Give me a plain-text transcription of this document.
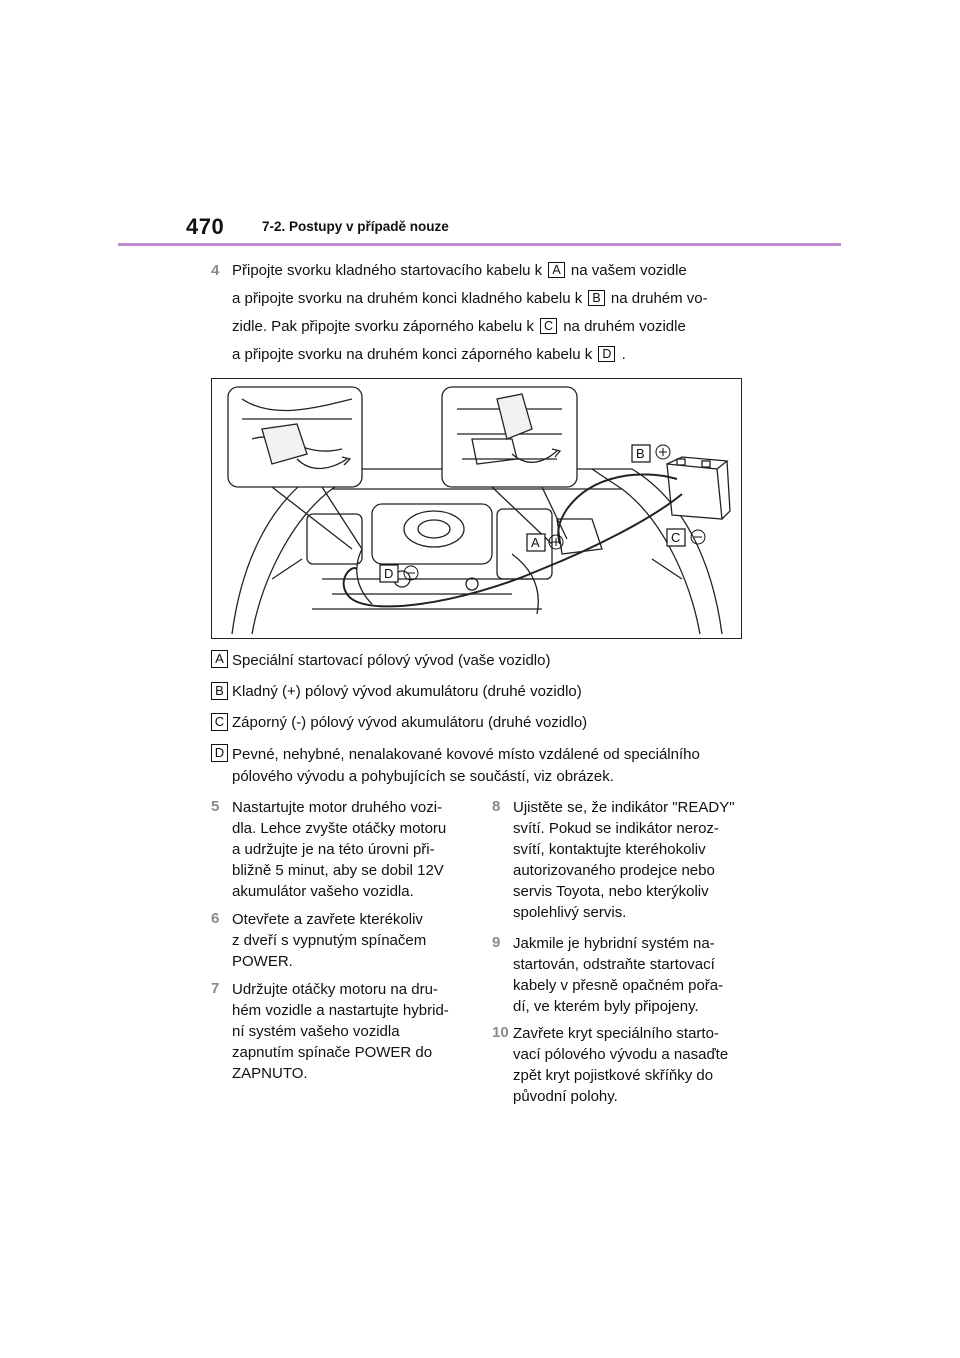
470	7-2. Postupy v případě nouze
4 Připojte svorku kladného startovacího kabelu k A na vašem vozidle
a připojte svorku na druhém konci kladného kabelu k B na druhém vo-
zidle. Pak připojte svorku záporného kabelu k C na druhém vozidle
a připojte svorku na druhém konci záporného kabelu k D .
B
C
A
D
A Speciální startovací pólový vývod (vaše vozidlo)
B Kladný (+) pólový vývod akumulátoru (druhé vozidlo)
C Záporný (-) pólový vývod akumulátoru (druhé vozidlo)
D Pevné, nehybné, nenalakované kovové místo vzdálené od speciálního
pólového vývodu a pohybujících se součástí, viz obrázek.
5 Nastartujte motor druhého vozi-

dla. Lehce zvyšte otáčky motoru

a udržujte je na této úrovni při-

bližně 5 minut, aby se dobil 12V

akumulátor vašeho vozidla.

6 Otevřete a zavřete kterékoliv

z dveří s vypnutým spínačem

POWER.

7 Udržujte otáčky motoru na dru-

hém vozidle a nastartujte hybrid-

ní systém vašeho vozidla

zapnutím spínače POWER do

ZAPNUTO.

8 Ujistěte se, že indikátor "READY"

svítí. Pokud se indikátor neroz-

svítí, kontaktujte kteréhokoliv

autorizovaného prodejce nebo

servis Toyota, nebo kterýkoliv

spolehlivý servis.

9 Jakmile je hybridní systém na-

startován, odstraňte startovací

kabely v přesně opačném pořa-

dí, ve kterém byly připojeny.

10 Zavřete kryt speciálního starto-

vací pólového vývodu a nasaďte

zpět kryt pojistkové skříňky do

původní polohy.
